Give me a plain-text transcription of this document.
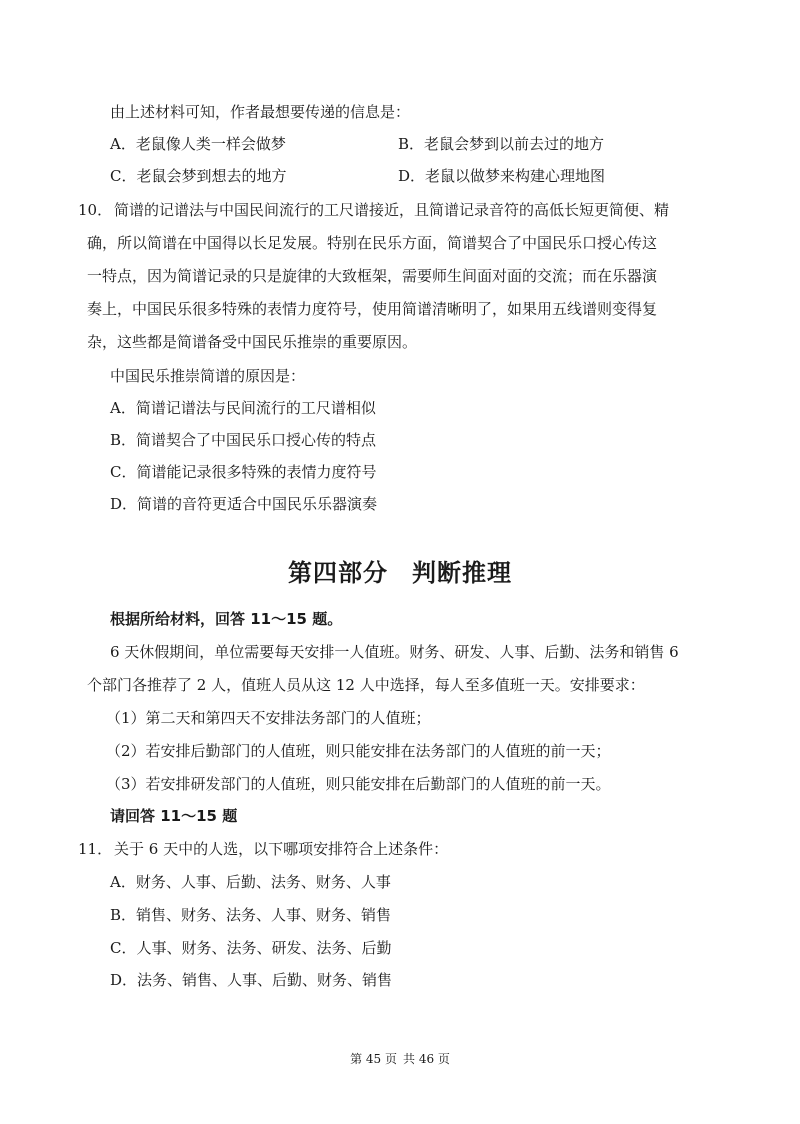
由上述材料可知，作者最想要传递的信息是：
A．老鼠像人类一样会做梦	B．老鼠会梦到以前去过的地方
C．老鼠会梦到想去的地方	D．老鼠以做梦来构建心理地图
10． 简谱的记谱法与中国民间流行的工尺谱接近，且简谱记录音符的高低长短更简便、精
确，所以简谱在中国得以长足发展。特别在民乐方面，简谱契合了中国民乐口授心传这
一特点，因为简谱记录的只是旋律的大致框架，需要师生间面对面的交流；而在乐器演
奏上，中国民乐很多特殊的表情力度符号，使用简谱清晰明了，如果用五线谱则变得复
杂，这些都是简谱备受中国民乐推崇的重要原因。
中国民乐推崇简谱的原因是：
A．简谱记谱法与民间流行的工尺谱相似
B．简谱契合了中国民乐口授心传的特点
C．简谱能记录很多特殊的表情力度符号
D．简谱的音符更适合中国民乐乐器演奏
第四部分 判断推理
根据所给材料，回答 11～15 题。
6 天休假期间，单位需要每天安排一人值班。财务、研发、人事、后勤、法务和销售 6
个部门各推荐了 2 人，值班人员从这 12 人中选择，每人至多值班一天。安排要求：
（1）第二天和第四天不安排法务部门的人值班；
（2）若安排后勤部门的人值班，则只能安排在法务部门的人值班的前一天；
（3）若安排研发部门的人值班，则只能安排在后勤部门的人值班的前一天。
请回答 11～15 题
11． 关于 6 天中的人选，以下哪项安排符合上述条件：
A．财务、人事、后勤、法务、财务、人事
B．销售、财务、法务、人事、财务、销售
C．人事、财务、法务、研发、法务、后勤
D．法务、销售、人事、后勤、财务、销售
第 45 页 共 46 页
